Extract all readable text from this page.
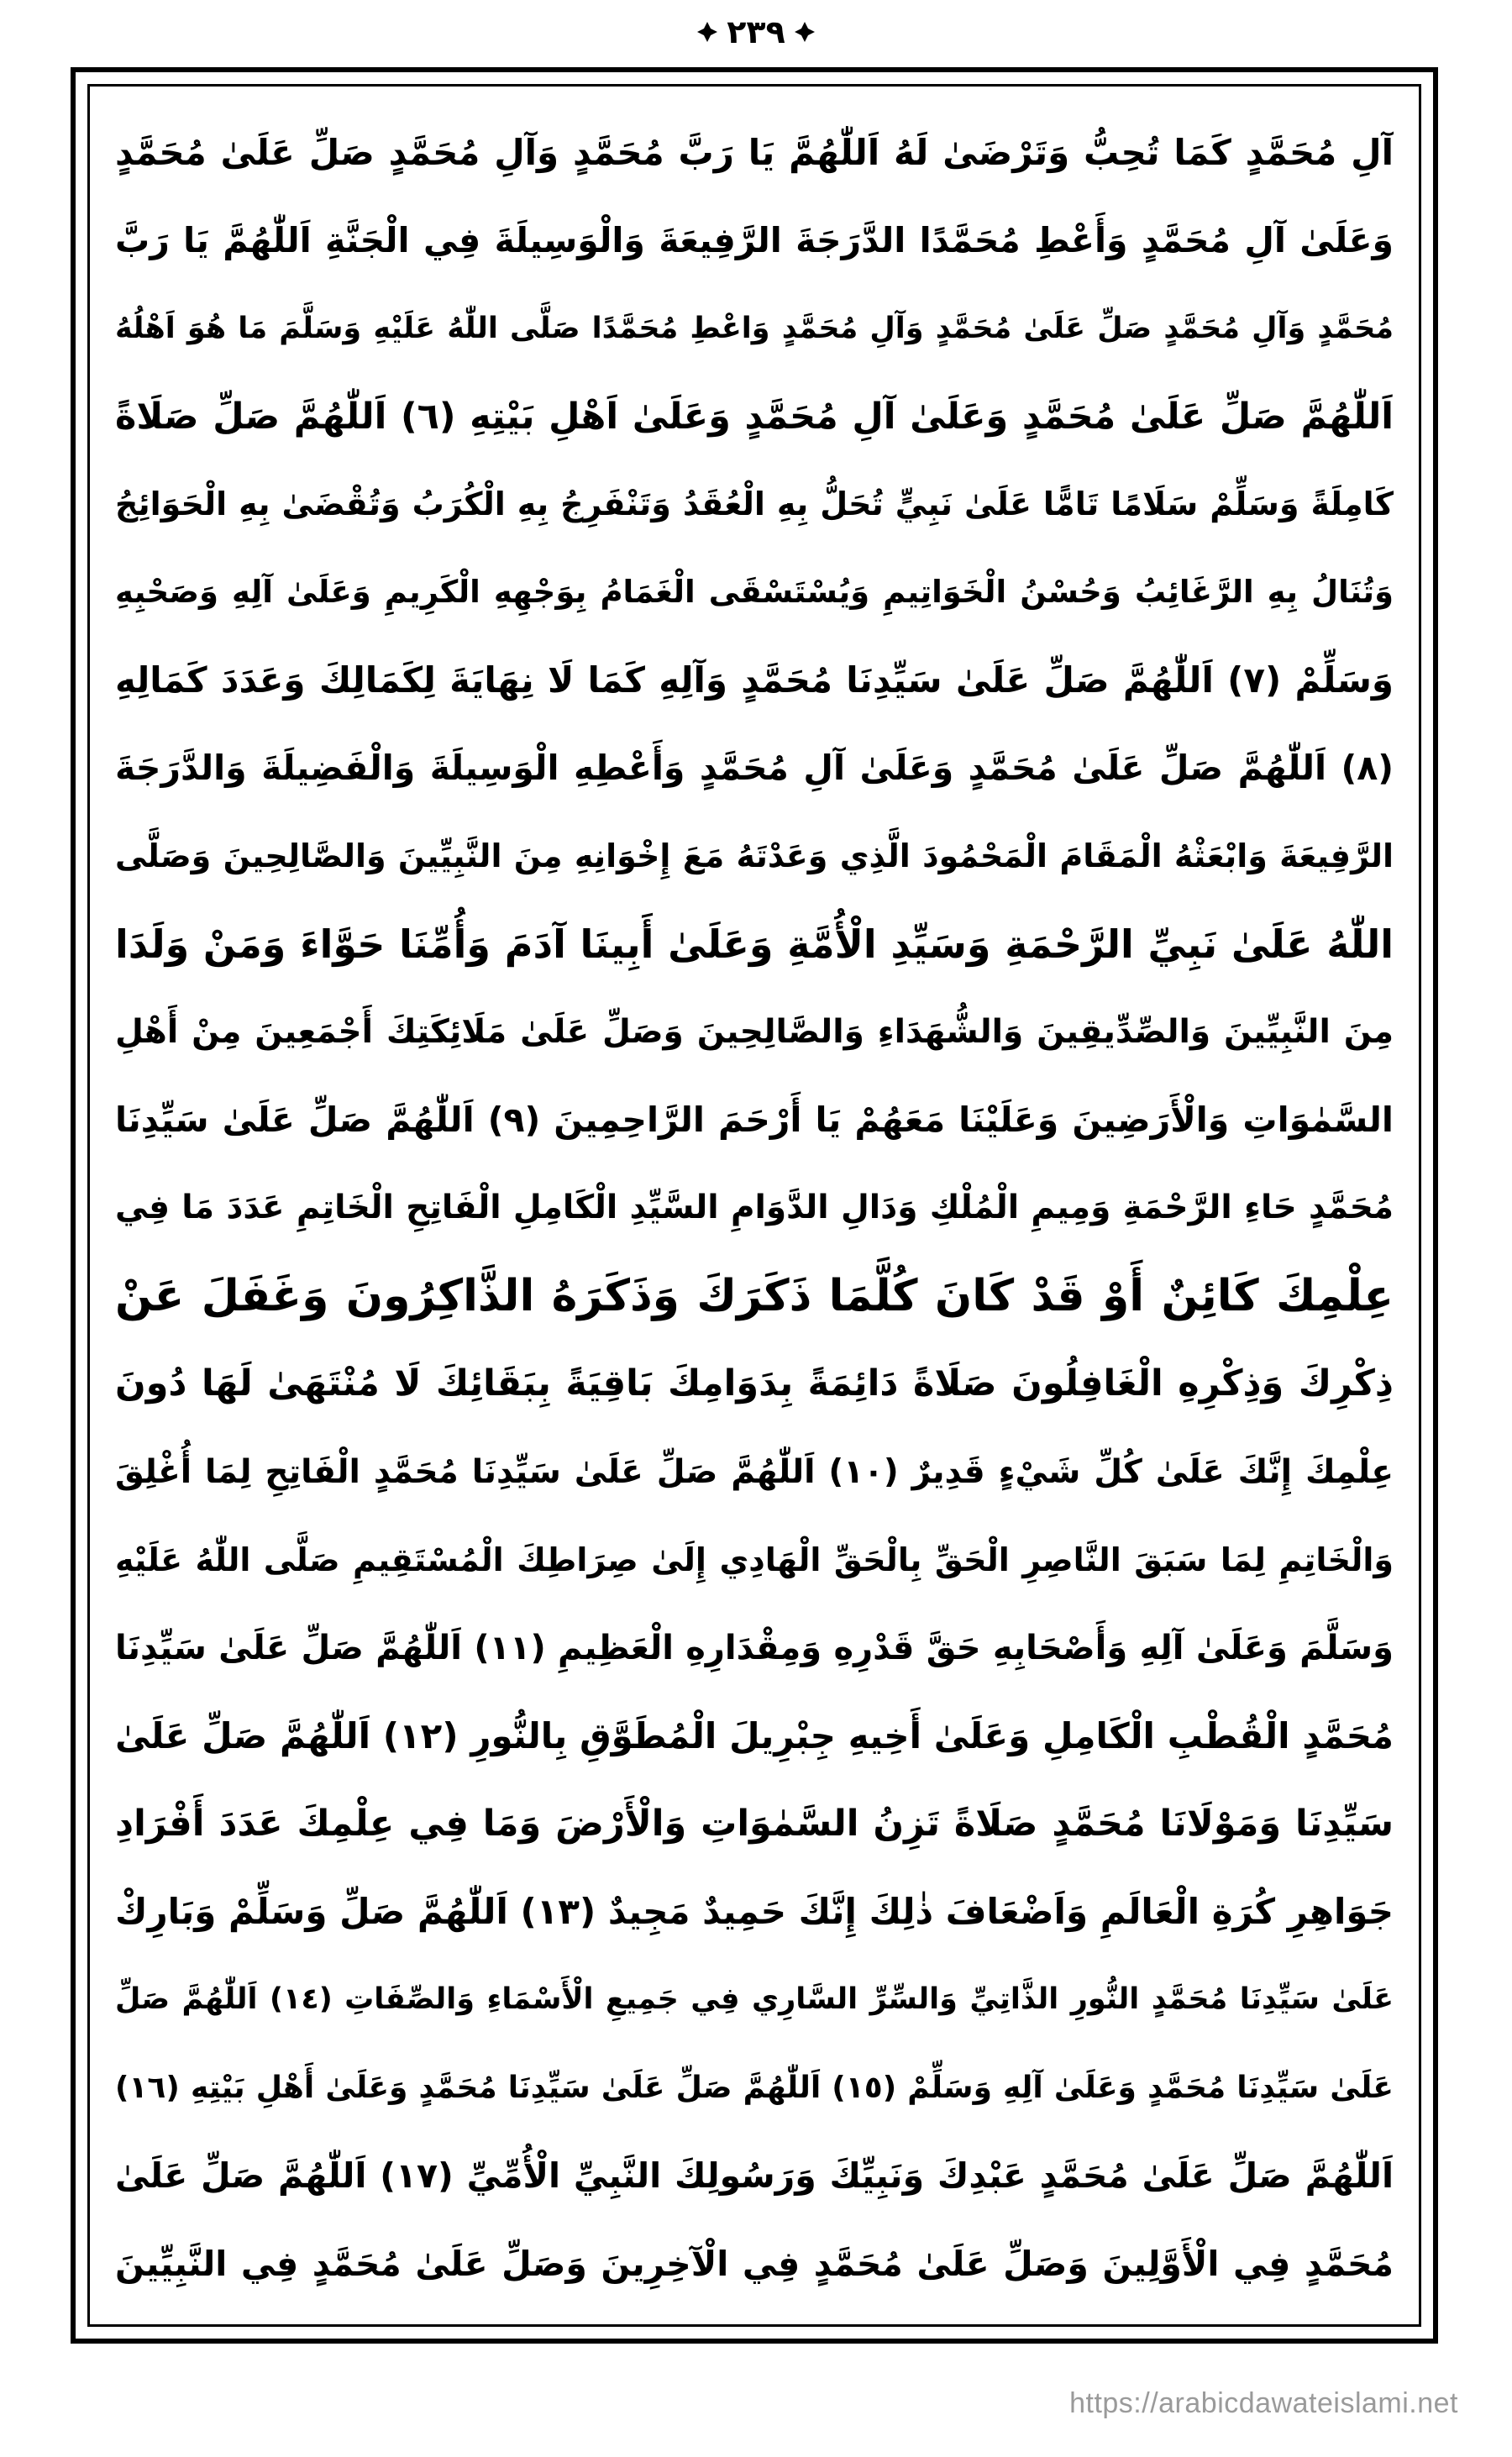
٢٣٩
آلِ مُحَمَّدٍ كَمَا تُحِبُّ وَتَرْضَىٰ لَهُ اَللّٰهُمَّ يَا رَبَّ مُحَمَّدٍ وَآلِ مُحَمَّدٍ صَلِّ عَلَىٰ مُحَمَّدٍ
وَعَلَىٰ آلِ مُحَمَّدٍ وَأَعْطِ مُحَمَّدًا الدَّرَجَةَ الرَّفِيعَةَ وَالْوَسِيلَةَ فِي الْجَنَّةِ اَللّٰهُمَّ يَا رَبَّ
مُحَمَّدٍ وَآلِ مُحَمَّدٍ صَلِّ عَلَىٰ مُحَمَّدٍ وَآلِ مُحَمَّدٍ وَاعْطِ مُحَمَّدًا صَلَّى اللّٰهُ عَلَيْهِ وَسَلَّمَ مَا هُوَ اَهْلُهُ
اَللّٰهُمَّ صَلِّ عَلَىٰ مُحَمَّدٍ وَعَلَىٰ آلِ مُحَمَّدٍ وَعَلَىٰ اَهْلِ بَيْتِهِ (٦) اَللّٰهُمَّ صَلِّ صَلَاةً
كَامِلَةً وَسَلِّمْ سَلَامًا تَامًّا عَلَىٰ نَبِيٍّ تُحَلُّ بِهِ الْعُقَدُ وَتَنْفَرِجُ بِهِ الْكُرَبُ وَتُقْضَىٰ بِهِ الْحَوَائِجُ
وَتُنَالُ بِهِ الرَّغَائِبُ وَحُسْنُ الْخَوَاتِيمِ وَيُسْتَسْقَى الْغَمَامُ بِوَجْهِهِ الْكَرِيمِ وَعَلَىٰ آلِهِ وَصَحْبِهِ
وَسَلِّمْ (٧) اَللّٰهُمَّ صَلِّ عَلَىٰ سَيِّدِنَا مُحَمَّدٍ وَآلِهِ كَمَا لَا نِهَايَةَ لِكَمَالِكَ وَعَدَدَ كَمَالِهِ
(٨) اَللّٰهُمَّ صَلِّ عَلَىٰ مُحَمَّدٍ وَعَلَىٰ آلِ مُحَمَّدٍ وَأَعْطِهِ الْوَسِيلَةَ وَالْفَضِيلَةَ وَالدَّرَجَةَ
الرَّفِيعَةَ وَابْعَثْهُ الْمَقَامَ الْمَحْمُودَ الَّذِي وَعَدْتَهُ مَعَ إِخْوَانِهِ مِنَ النَّبِيِّينَ وَالصَّالِحِينَ وَصَلَّى
اللّٰهُ عَلَىٰ نَبِيِّ الرَّحْمَةِ وَسَيِّدِ الْأُمَّةِ وَعَلَىٰ أَبِينَا آدَمَ وَأُمِّنَا حَوَّاءَ وَمَنْ وَلَدَا
مِنَ النَّبِيِّينَ وَالصِّدِّيقِينَ وَالشُّهَدَاءِ وَالصَّالِحِينَ وَصَلِّ عَلَىٰ مَلَائِكَتِكَ أَجْمَعِينَ مِنْ أَهْلِ
السَّمٰوَاتِ وَالْأَرَضِينَ وَعَلَيْنَا مَعَهُمْ يَا أَرْحَمَ الرَّاحِمِينَ (٩) اَللّٰهُمَّ صَلِّ عَلَىٰ سَيِّدِنَا
مُحَمَّدٍ حَاءِ الرَّحْمَةِ وَمِيمِ الْمُلْكِ وَدَالِ الدَّوَامِ السَّيِّدِ الْكَامِلِ الْفَاتِحِ الْخَاتِمِ عَدَدَ مَا فِي
عِلْمِكَ كَائِنٌ أَوْ قَدْ كَانَ كُلَّمَا ذَكَرَكَ وَذَكَرَهُ الذَّاكِرُونَ وَغَفَلَ عَنْ
ذِكْرِكَ وَذِكْرِهِ الْغَافِلُونَ صَلَاةً دَائِمَةً بِدَوَامِكَ بَاقِيَةً بِبَقَائِكَ لَا مُنْتَهَىٰ لَهَا دُونَ
عِلْمِكَ إِنَّكَ عَلَىٰ كُلِّ شَيْءٍ قَدِيرٌ (١٠) اَللّٰهُمَّ صَلِّ عَلَىٰ سَيِّدِنَا مُحَمَّدٍ الْفَاتِحِ لِمَا أُغْلِقَ
وَالْخَاتِمِ لِمَا سَبَقَ النَّاصِرِ الْحَقِّ بِالْحَقِّ الْهَادِي إِلَىٰ صِرَاطِكَ الْمُسْتَقِيمِ صَلَّى اللّٰهُ عَلَيْهِ
وَسَلَّمَ وَعَلَىٰ آلِهِ وَأَصْحَابِهِ حَقَّ قَدْرِهِ وَمِقْدَارِهِ الْعَظِيمِ (١١) اَللّٰهُمَّ صَلِّ عَلَىٰ سَيِّدِنَا
مُحَمَّدٍ الْقُطْبِ الْكَامِلِ وَعَلَىٰ أَخِيهِ جِبْرِيلَ الْمُطَوَّقِ بِالنُّورِ (١٢) اَللّٰهُمَّ صَلِّ عَلَىٰ
سَيِّدِنَا وَمَوْلَانَا مُحَمَّدٍ صَلَاةً تَزِنُ السَّمٰوَاتِ وَالْأَرْضَ وَمَا فِي عِلْمِكَ عَدَدَ أَفْرَادِ
جَوَاهِرِ كُرَةِ الْعَالَمِ وَاَضْعَافَ ذٰلِكَ إِنَّكَ حَمِيدٌ مَجِيدٌ (١٣) اَللّٰهُمَّ صَلِّ وَسَلِّمْ وَبَارِكْ
عَلَىٰ سَيِّدِنَا مُحَمَّدٍ النُّورِ الذَّاتِيِّ وَالسِّرِّ السَّارِي فِي جَمِيعِ الْأَسْمَاءِ وَالصِّفَاتِ (١٤) اَللّٰهُمَّ صَلِّ
عَلَىٰ سَيِّدِنَا مُحَمَّدٍ وَعَلَىٰ آلِهِ وَسَلِّمْ (١٥) اَللّٰهُمَّ صَلِّ عَلَىٰ سَيِّدِنَا مُحَمَّدٍ وَعَلَىٰ أَهْلِ بَيْتِهِ (١٦)
اَللّٰهُمَّ صَلِّ عَلَىٰ مُحَمَّدٍ عَبْدِكَ وَنَبِيِّكَ وَرَسُولِكَ النَّبِيِّ الْأُمِّيِّ (١٧) اَللّٰهُمَّ صَلِّ عَلَىٰ
مُحَمَّدٍ فِي الْأَوَّلِينَ وَصَلِّ عَلَىٰ مُحَمَّدٍ فِي الْآخِرِينَ وَصَلِّ عَلَىٰ مُحَمَّدٍ فِي النَّبِيِّينَ
https://arabicdawateislami.net
